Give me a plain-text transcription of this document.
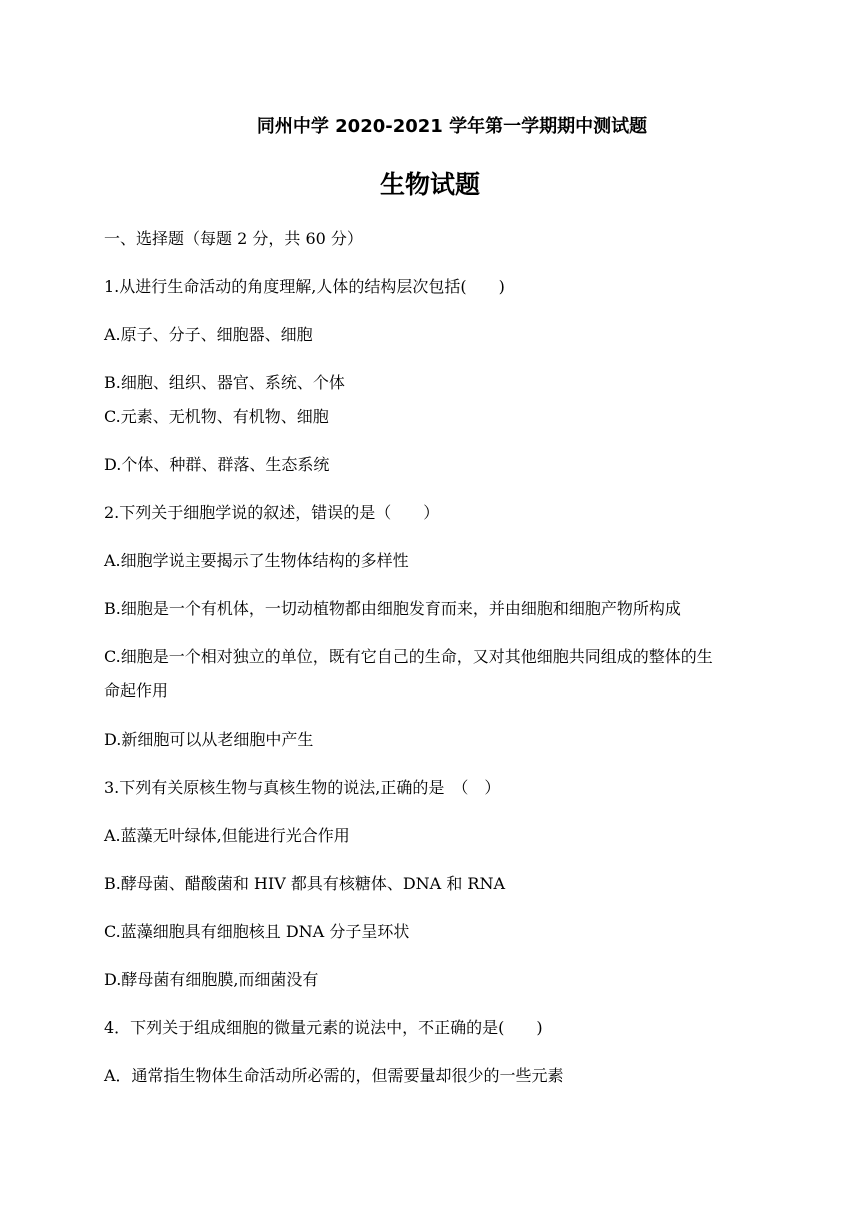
同州中学 2020-2021 学年第一学期期中测试题
生物试题
一、选择题（每题 2 分，共 60 分）
1.从进行生命活动的角度理解,人体的结构层次包括(　　)
A.原子、分子、细胞器、细胞
B.细胞、组织、器官、系统、个体
C.元素、无机物、有机物、细胞
D.个体、种群、群落、生态系统
2.下列关于细胞学说的叙述，错误的是（　　）
A.细胞学说主要揭示了生物体结构的多样性
B.细胞是一个有机体，一切动植物都由细胞发育而来，并由细胞和细胞产物所构成
C.细胞是一个相对独立的单位，既有它自己的生命，又对其他细胞共同组成的整体的生
命起作用
D.新细胞可以从老细胞中产生
3.下列有关原核生物与真核生物的说法,正确的是　（　）
A.蓝藻无叶绿体,但能进行光合作用
B.酵母菌、醋酸菌和 HIV 都具有核糖体、DNA 和 RNA
C.蓝藻细胞具有细胞核且 DNA 分子呈环状
D.酵母菌有细胞膜,而细菌没有
4．下列关于组成细胞的微量元素的说法中，不正确的是(　　)
A．通常指生物体生命活动所必需的，但需要量却很少的一些元素
